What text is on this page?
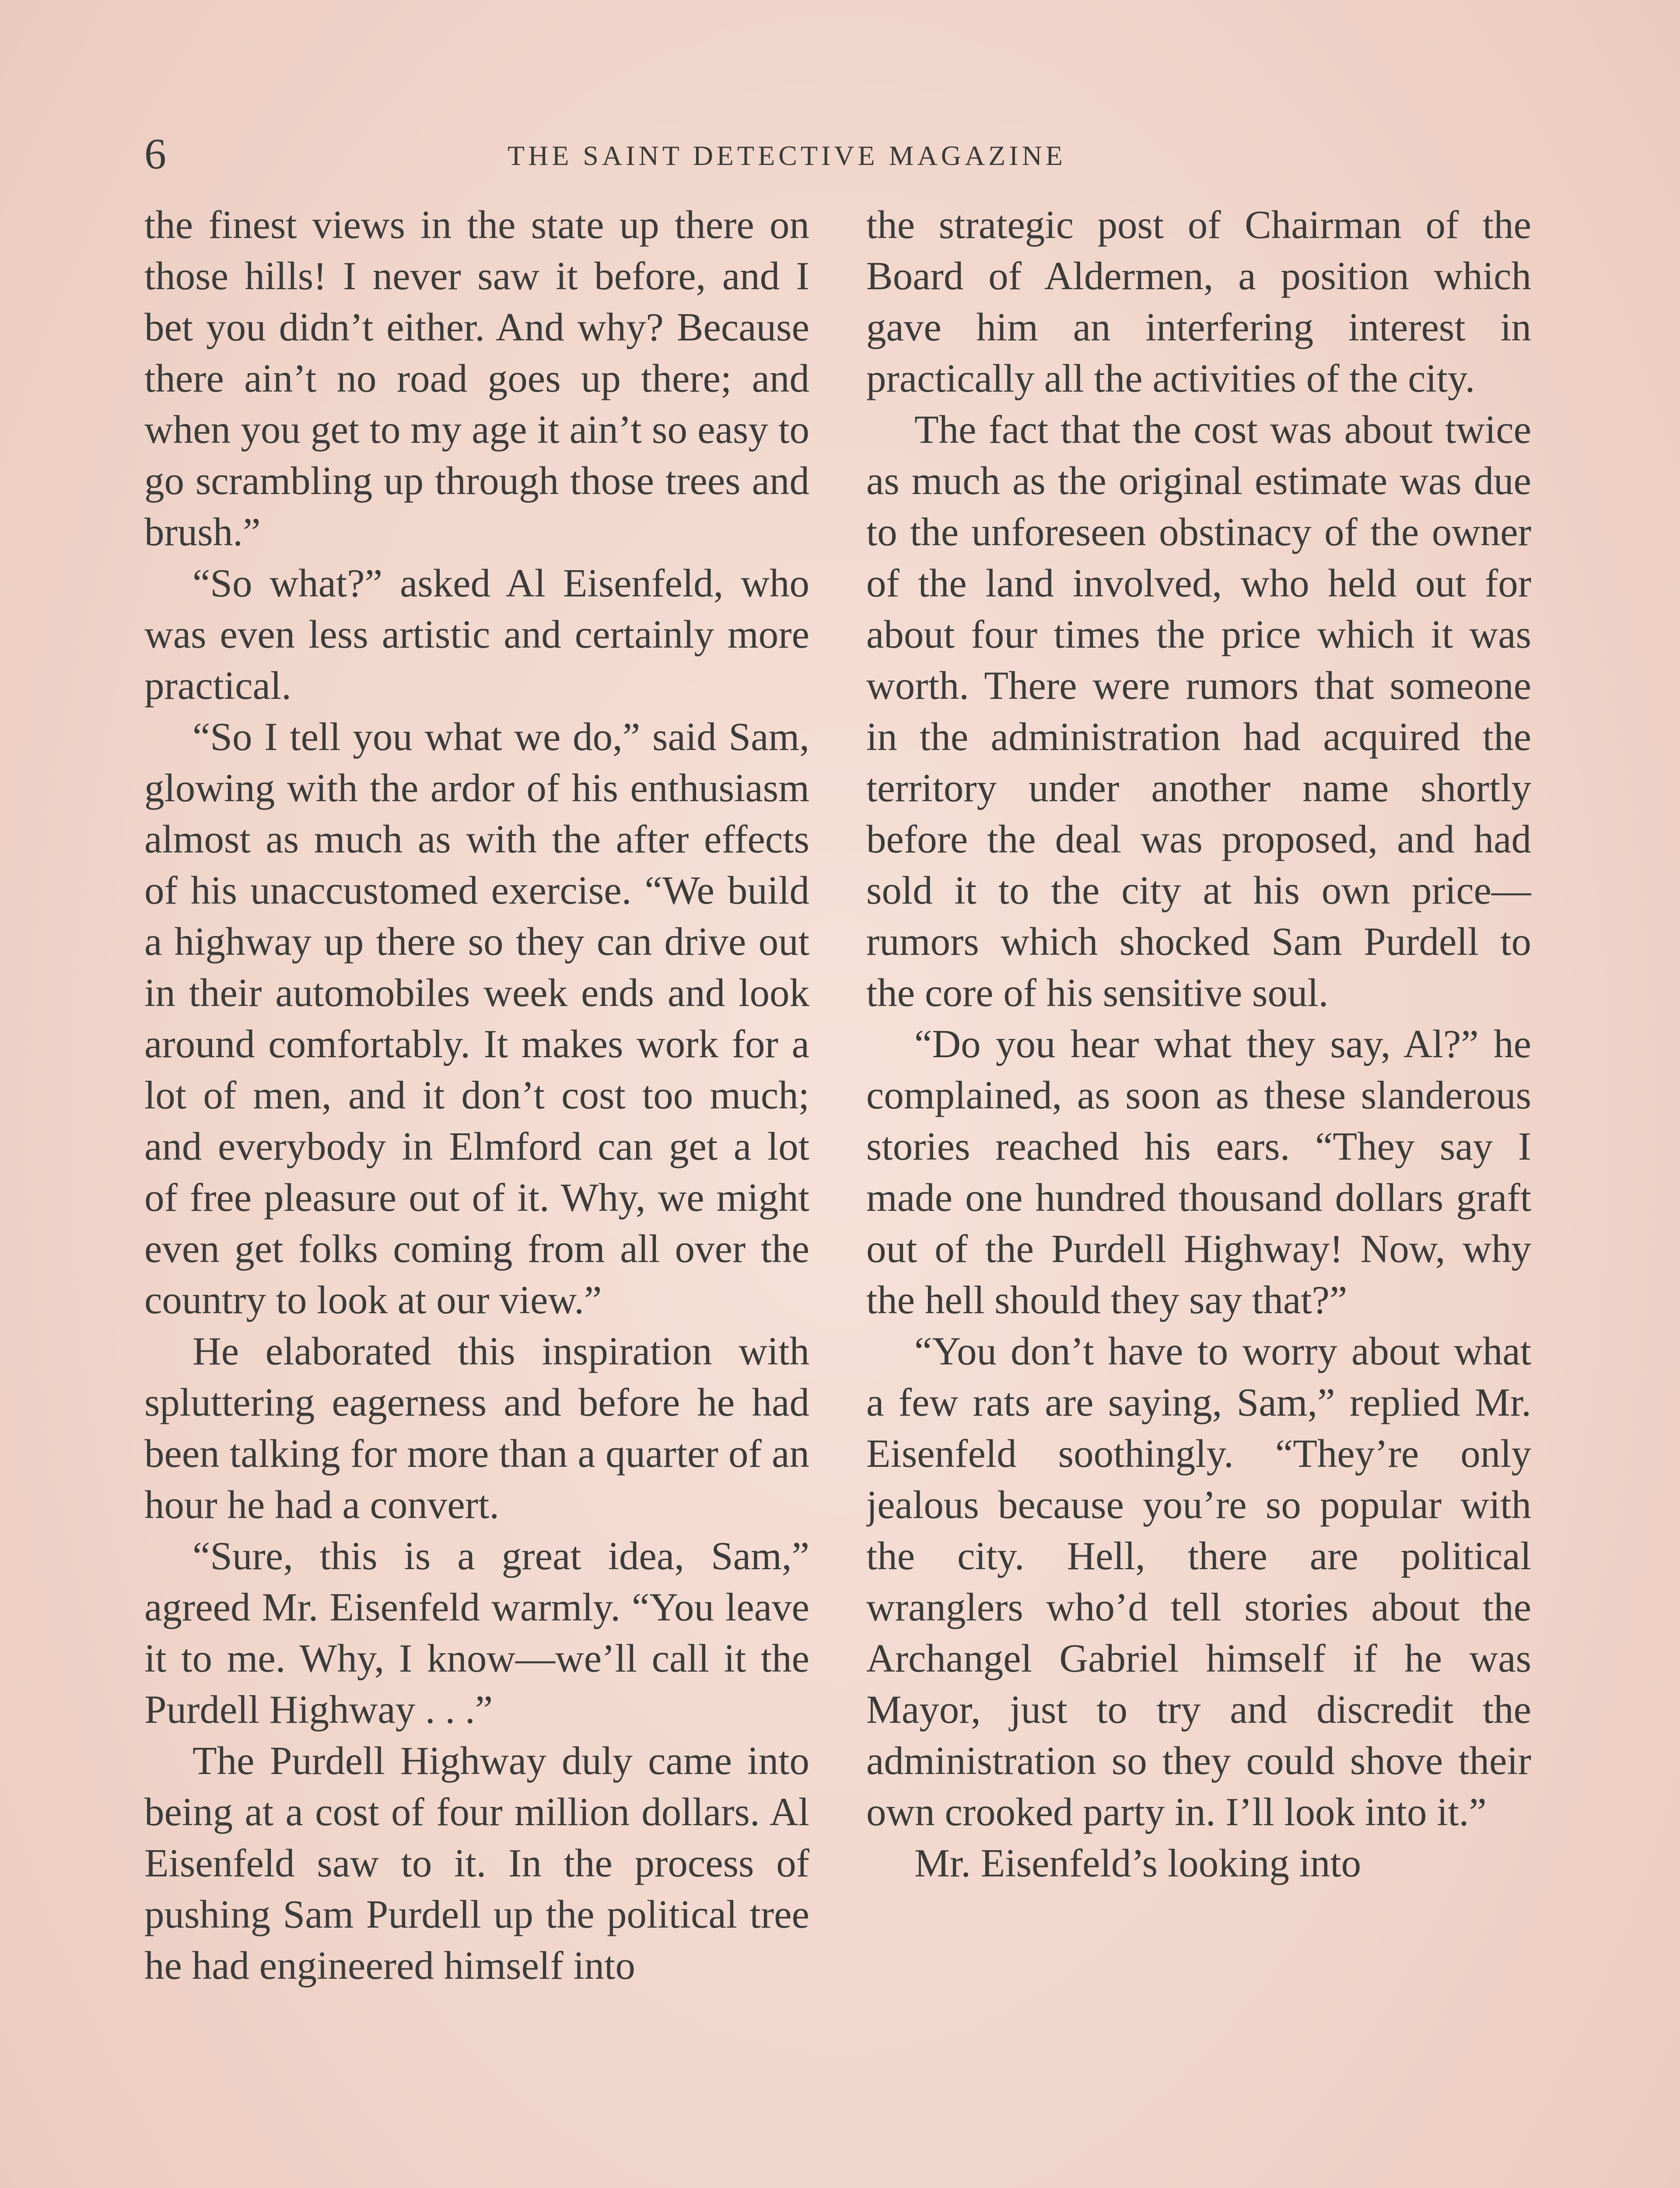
6	THE SAINT DETECTIVE MAGAZINE

the finest views in the state up there on those hills! I never saw it before, and I bet you didn’t either. And why? Because there ain’t no road goes up there; and when you get to my age it ain’t so easy to go scrambling up through those trees and brush.”

“So what?” asked Al Eisenfeld, who was even less artistic and certainly more practical.

“So I tell you what we do,” said Sam, glowing with the ardor of his enthusiasm almost as much as with the after effects of his unaccustomed exercise. “We build a highway up there so they can drive out in their automobiles week ends and look around comfortably. It makes work for a lot of men, and it don’t cost too much; and everybody in Elmford can get a lot of free pleasure out of it. Why, we might even get folks coming from all over the country to look at our view.”

He elaborated this inspiration with spluttering eagerness and before he had been talking for more than a quarter of an hour he had a convert.

“Sure, this is a great idea, Sam,” agreed Mr. Eisenfeld warmly. “You leave it to me. Why, I know—we’ll call it the Purdell Highway . . .”

The Purdell Highway duly came into being at a cost of four million dollars. Al Eisenfeld saw to it. In the process of pushing Sam Purdell up the political tree he had engineered himself into

the strategic post of Chairman of the Board of Aldermen, a position which gave him an interfering interest in practically all the activities of the city.

The fact that the cost was about twice as much as the original estimate was due to the unforeseen obstinacy of the owner of the land involved, who held out for about four times the price which it was worth. There were rumors that someone in the administration had acquired the territory under another name shortly before the deal was proposed, and had sold it to the city at his own price—rumors which shocked Sam Purdell to the core of his sensitive soul.

“Do you hear what they say, Al?” he complained, as soon as these slanderous stories reached his ears. “They say I made one hundred thousand dollars graft out of the Purdell Highway! Now, why the hell should they say that?”

“You don’t have to worry about what a few rats are saying, Sam,” replied Mr. Eisenfeld soothingly. “They’re only jealous because you’re so popular with the city. Hell, there are political wranglers who’d tell stories about the Archangel Gabriel himself if he was Mayor, just to try and discredit the administration so they could shove their own crooked party in. I’ll look into it.”

Mr. Eisenfeld’s looking into
